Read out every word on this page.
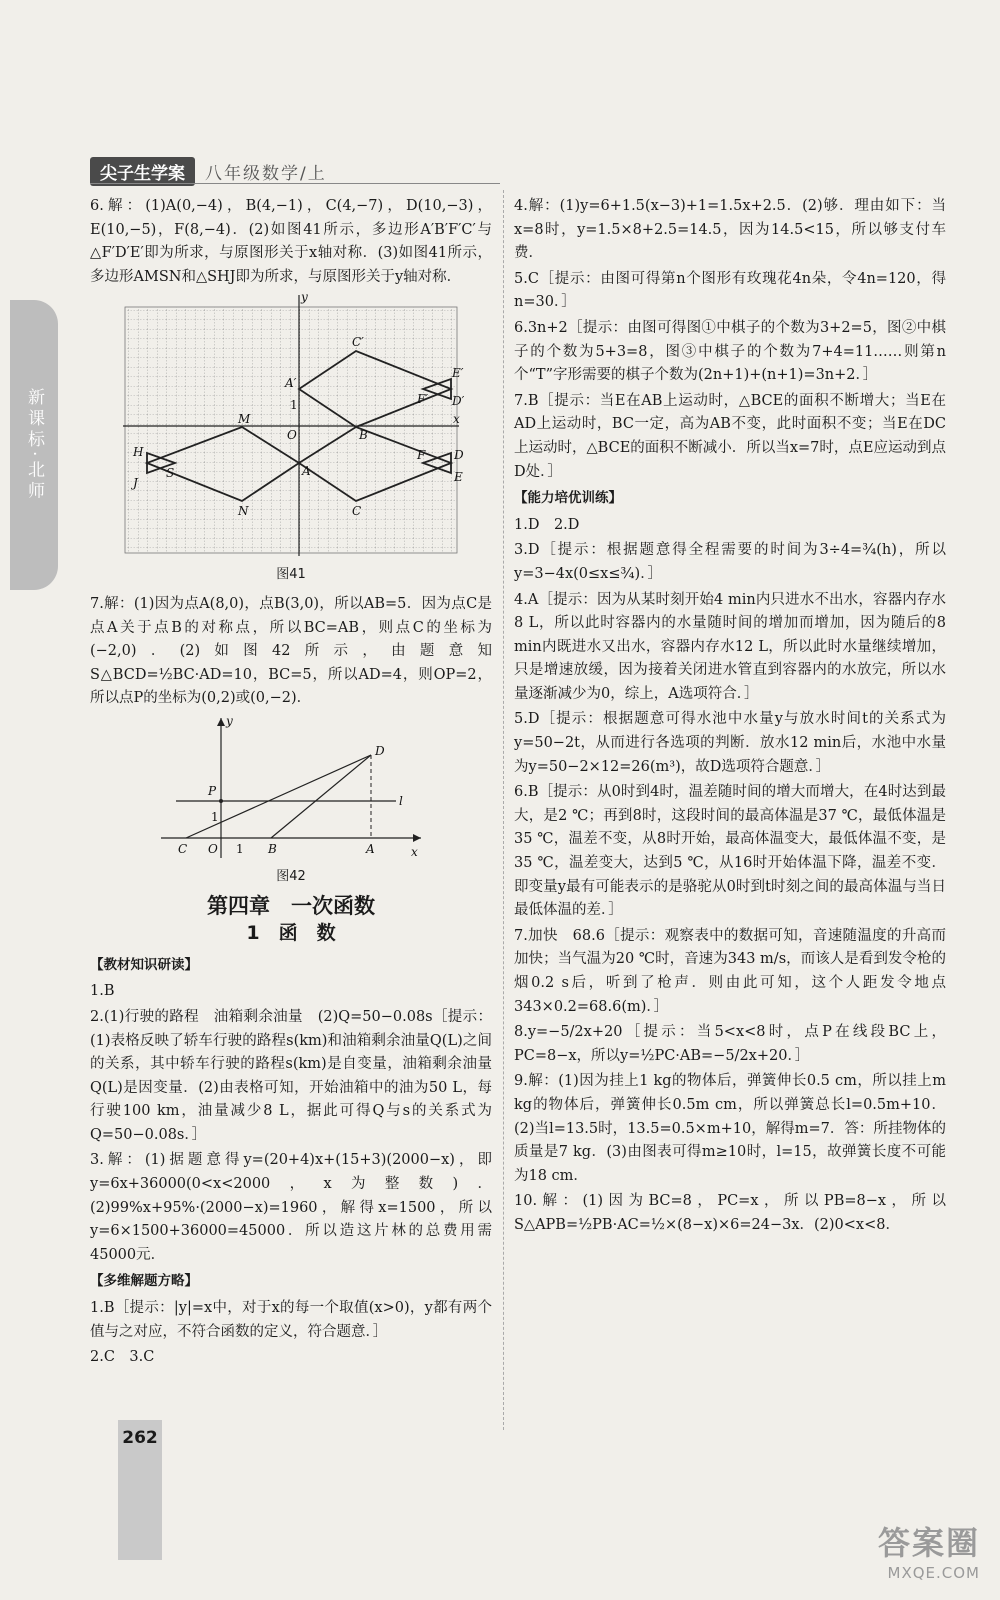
尖子生学案	八年级数学/上
新课标·北师

6.解：(1)A(0,−4)，B(4,−1)，C(4,−7)，D(10,−3)，E(10,−5)，F(8,−4)．(2)如图41所示，多边形A′B′F′C′与△F′D′E′即为所求，与原图形关于x轴对称．(3)如图41所示，多边形AMSN和△SHJ即为所求，与原图形关于y轴对称．

y
x
O
1
A
C
B
M
N
S
H
J
D
E
F
A′
C′
D′
E′
F′
图41

7.解：(1)因为点A(8,0)，点B(3,0)，所以AB=5．因为点C是点A关于点B的对称点，所以BC=AB，则点C的坐标为(−2,0)．(2)如图42所示，由题意知S△BCD=½BC·AD=10，BC=5，所以AD=4，则OP=2，所以点P的坐标为(0,2)或(0,−2)．

y
x
O 1
1
C	B	A
P
D
l
图42
第四章　一次函数
1　函　数
【教材知识研读】

1.B

2.(1)行驶的路程　油箱剩余油量　(2)Q=50−0.08s［提示：(1)表格反映了轿车行驶的路程s(km)和油箱剩余油量Q(L)之间的关系，其中轿车行驶的路程s(km)是自变量，油箱剩余油量Q(L)是因变量．(2)由表格可知，开始油箱中的油为50 L，每行驶100 km，油量减少8 L，据此可得Q与s的关系式为Q=50−0.08s．］

3.解：(1)据题意得y=(20+4)x+(15+3)(2000−x)，即y=6x+36000(0<x<2000，x为整数)．(2)99%x+95%·(2000−x)=1960，解得x=1500，所以y=6×1500+36000=45000．所以造这片林的总费用需45000元．

【多维解题方略】

1.B［提示：|y|=x中，对于x的每一个取值(x>0)，y都有两个值与之对应，不符合函数的定义，符合题意．］

2.C　3.C

4.解：(1)y=6+1.5(x−3)+1=1.5x+2.5．(2)够．理由如下：当x=8时，y=1.5×8+2.5=14.5，因为14.5<15，所以够支付车费．

5.C［提示：由图可得第n个图形有玫瑰花4n朵，令4n=120，得n=30．］

6.3n+2［提示：由图可得图①中棋子的个数为3+2=5，图②中棋子的个数为5+3=8，图③中棋子的个数为7+4=11……则第n个“T”字形需要的棋子个数为(2n+1)+(n+1)=3n+2．］

7.B［提示：当E在AB上运动时，△BCE的面积不断增大；当E在AD上运动时，BC一定，高为AB不变，此时面积不变；当E在DC上运动时，△BCE的面积不断减小．所以当x=7时，点E应运动到点D处．］

【能力培优训练】

1.D　2.D

3.D［提示：根据题意得全程需要的时间为3÷4=¾(h)，所以y=3−4x(0≤x≤¾)．］

4.A［提示：因为从某时刻开始4 min内只进水不出水，容器内存水8 L，所以此时容器内的水量随时间的增加而增加，因为随后的8 min内既进水又出水，容器内存水12 L，所以此时水量继续增加，只是增速放缓，因为接着关闭进水管直到容器内的水放完，所以水量逐渐减少为0，综上，A选项符合．］

5.D［提示：根据题意可得水池中水量y与放水时间t的关系式为y=50−2t，从而进行各选项的判断．放水12 min后，水池中水量为y=50−2×12=26(m³)，故D选项符合题意．］

6.B［提示：从0时到4时，温差随时间的增大而增大，在4时达到最大，是2 ℃；再到8时，这段时间的最高体温是37 ℃，最低体温是35 ℃，温差不变，从8时开始，最高体温变大，最低体温不变，是35 ℃，温差变大，达到5 ℃，从16时开始体温下降，温差不变．即变量y最有可能表示的是骆驼从0时到t时刻之间的最高体温与当日最低体温的差．］

7.加快　68.6［提示：观察表中的数据可知，音速随温度的升高而加快；当气温为20 ℃时，音速为343 m/s，而该人是看到发令枪的烟0.2 s后，听到了枪声．则由此可知，这个人距发令地点343×0.2=68.6(m)．］

8.y=−5/2x+20［提示：当5<x<8时，点P在线段BC上，PC=8−x，所以y=½PC·AB=−5/2x+20．］

9.解：(1)因为挂上1 kg的物体后，弹簧伸长0.5 cm，所以挂上m kg的物体后，弹簧伸长0.5m cm，所以弹簧总长l=0.5m+10．(2)当l=13.5时，13.5=0.5×m+10，解得m=7．答：所挂物体的质量是7 kg．(3)由图表可得m≥10时，l=15，故弹簧长度不可能为18 cm．

10.解：(1)因为BC=8，PC=x，所以PB=8−x，所以S△APB=½PB·AC=½×(8−x)×6=24−3x．(2)0<x<8．

262
答案圈
MXQE.COM
